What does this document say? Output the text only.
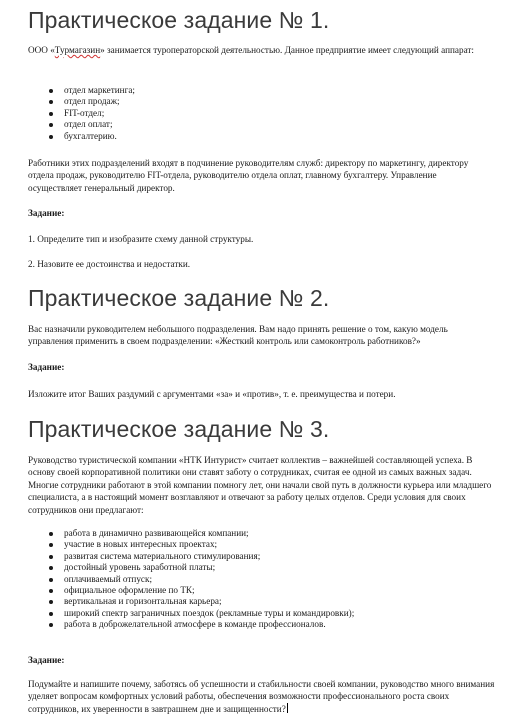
Практическое задание № 1.

ООО «Турмагазин» занимается туроператорской деятельностью. Данное предприятие имеет следующий аппарат:

отдел маркетинга;
отдел продаж;
FIT-отдел;
отдел оплат;
бухгалтерию.

Работники этих подразделений входят в подчинение руководителям служб: директору по маркетингу, директору отдела продаж, руководителю FIT-отдела, руководителю отдела оплат, главному бухгалтеру. Управление осуществляет генеральный директор.

Задание:

1. Определите тип и изобразите схему данной структуры.

2. Назовите ее достоинства и недостатки.

Практическое задание № 2.

Вас назначили руководителем небольшого подразделения. Вам надо принять решение о том, какую модель управления применить в своем подразделении: «Жесткий контроль или самоконтроль работников?»

Задание:

Изложите итог Ваших раздумий с аргументами «за» и «против», т. е. преимущества и потери.

Практическое задание № 3.

Руководство туристической компании «НТК Интурист» считает коллектив – важнейшей составляющей успеха. В основу своей корпоративной политики они ставят заботу о сотрудниках, считая ее одной из самых важных задач. Многие сотрудники работают в этой компании помногу лет, они начали свой путь в должности курьера или младшего специалиста, а в настоящий момент возглавляют и отвечают за работу целых отделов. Среди условия для своих сотрудников они предлагают:

работа в динамично развивающейся компании;
участие в новых интересных проектах;
развитая система материального стимулирования;
достойный уровень заработной платы;
оплачиваемый отпуск;
официальное оформление по ТК;
вертикальная и горизонтальная карьера;
широкий спектр заграничных поездок (рекламные туры и командировки);
работа в доброжелательной атмосфере в команде профессионалов.

Задание:

Подумайте и напишите почему, заботясь об успешности и стабильности своей компании, руководство много внимания уделяет вопросам комфортных условий работы, обеспечения возможности профессионального роста своих сотрудников, их уверенности в завтрашнем дне и защищенности?
